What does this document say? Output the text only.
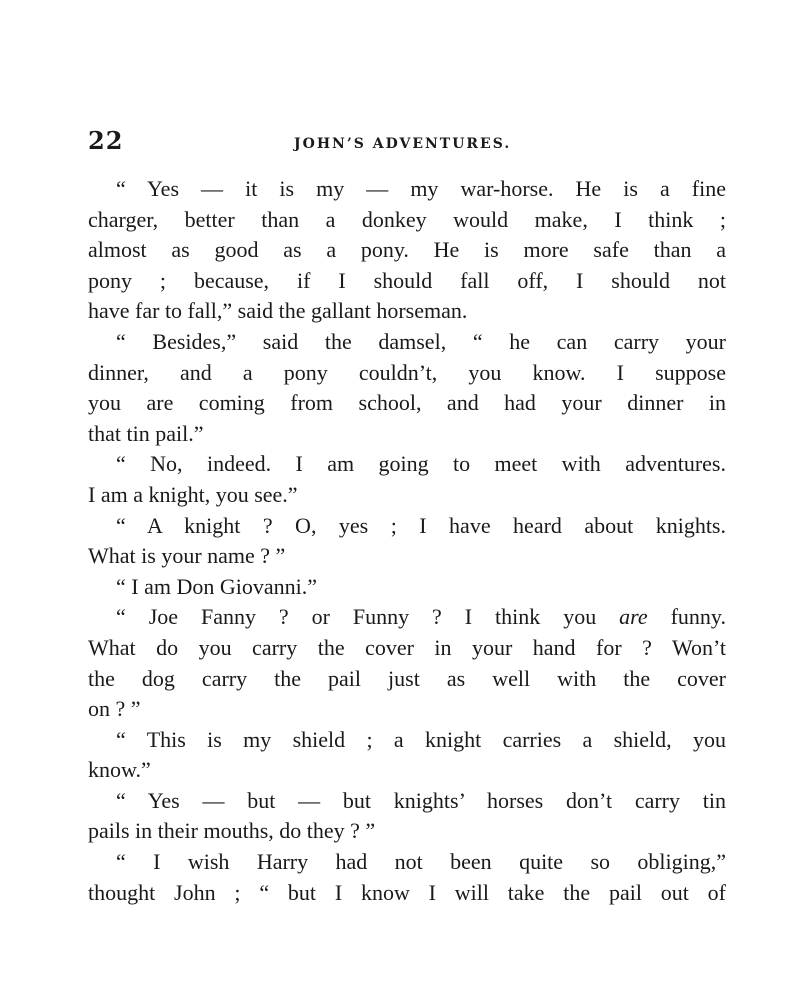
22	JOHN’S ADVENTURES.
“ Yes — it is my — my war-horse. He is a fine
charger, better than a donkey would make, I think ;
almost as good as a pony. He is more safe than a
pony ; because, if I should fall off, I should not
have far to fall,” said the gallant horseman.
“ Besides,” said the damsel, “ he can carry your
dinner, and a pony couldn’t, you know. I suppose
you are coming from school, and had your dinner in
that tin pail.”
“ No, indeed. I am going to meet with adventures.
I am a knight, you see.”
“ A knight ? O, yes ; I have heard about knights.
What is your name ? ”
“ I am Don Giovanni.”
“ Joe Fanny ? or Funny ? I think you are funny.
What do you carry the cover in your hand for ? Won’t
the dog carry the pail just as well with the cover
on ? ”
“ This is my shield ; a knight carries a shield, you
know.”
“ Yes — but — but knights’ horses don’t carry tin
pails in their mouths, do they ? ”
“ I wish Harry had not been quite so obliging,”
thought John ; “ but I know I will take the pail out of
